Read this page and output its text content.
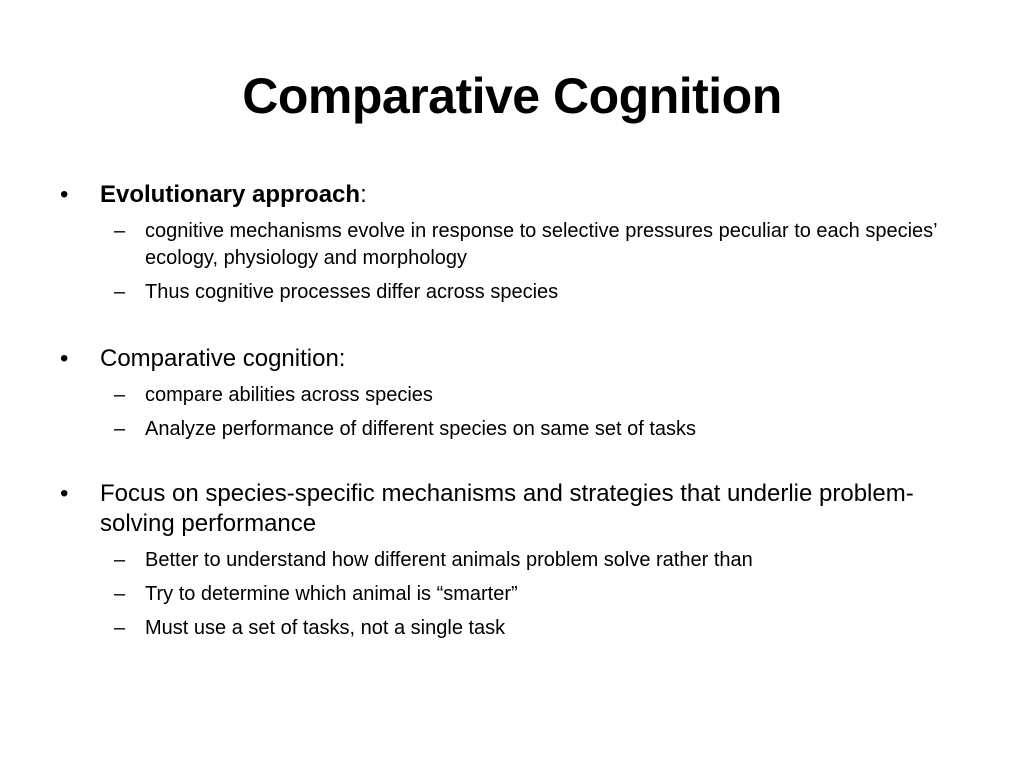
Comparative Cognition
•	Evolutionary approach:
– cognitive mechanisms evolve in response to selective pressures peculiar to each species’ ecology, physiology and morphology
– Thus cognitive processes differ across species
•	Comparative cognition:
– compare abilities across species
– Analyze performance of different species on same set of tasks
•	Focus on species-specific mechanisms and strategies that underlie problem-solving performance
– Better to understand how different animals problem solve rather than
– Try to determine which animal is “smarter”
– Must use a set of tasks, not a single task
